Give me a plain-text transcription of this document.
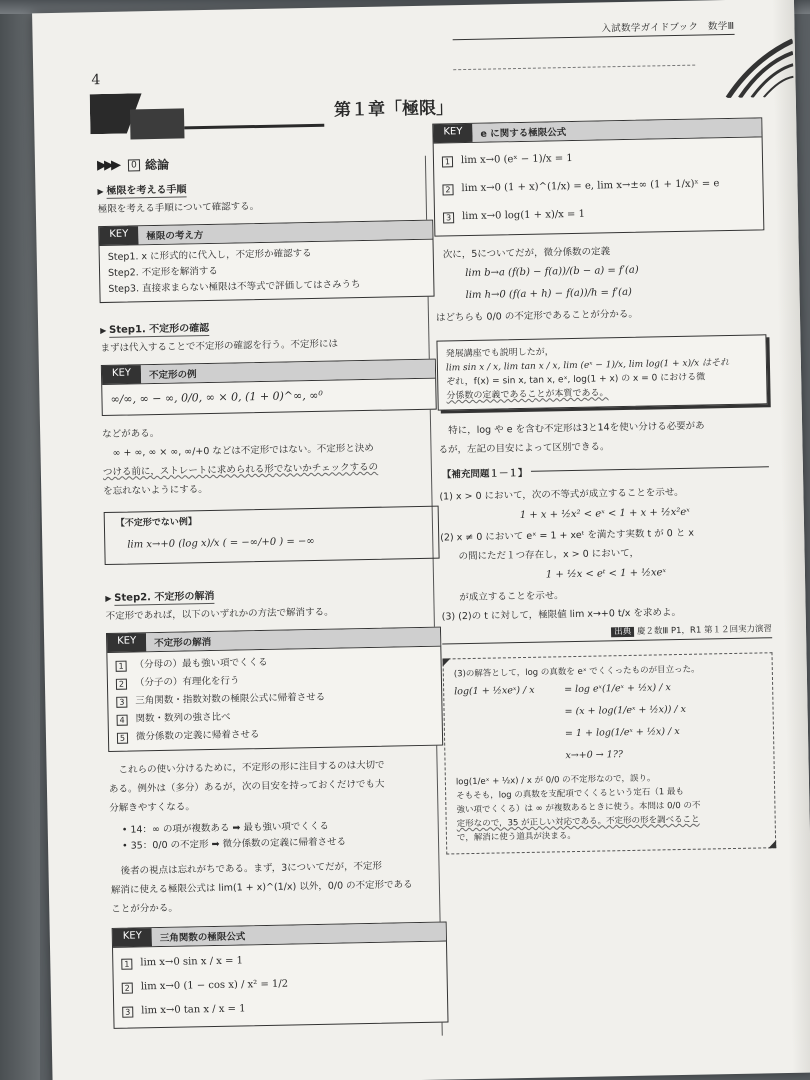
入試数学ガイドブック　数学Ⅲ
4
第１章「極限」
▶▶▶	0 総論
▶ 極限を考える手順
極限を考える手順について確認する。
KEY	極限の考え方
Step1. x に形式的に代入し，不定形か確認する
Step2. 不定形を解消する
Step3. 直接求まらない極限は不等式で評価してはさみうち
▶ Step1. 不定形の確認
まずは代入することで不定形の確認を行う。不定形には
KEY	不定形の例
∞/∞, ∞ − ∞, 0/0, ∞ × 0, (1 + 0)^∞, ∞⁰
などがある。
∞ + ∞, ∞ × ∞, ∞/+0 などは不定形ではない。不定形と決め
つける前に，ストレートに求められる形でないかチェックするの
を忘れないようにする。
【不定形でない例】
lim x→+0 (log x)/x ( = −∞/+0 ) = −∞
▶ Step2. 不定形の解消
不定形であれば，以下のいずれかの方法で解消する。
KEY	不定形の解消
1	（分母の）最も強い項でくくる
2	（分子の）有理化を行う
3	三角関数・指数対数の極限公式に帰着させる
4	関数・数列の強さ比べ
5	微分係数の定義に帰着させる
これらの使い分けるために，不定形の形に注目するのは大切で
ある。例外は（多分）あるが，次の目安を持っておくだけでも大
分解きやすくなる。
• 14：∞ の項が複数ある ➡ 最も強い項でくくる
• 35：0/0 の不定形 ➡ 微分係数の定義に帰着させる
後者の視点は忘れがちである。まず，3についてだが，不定形
解消に使える極限公式は lim(1 + x)^(1/x) 以外，0/0 の不定形である
ことが分かる。
KEY	三角関数の極限公式
1 lim x→0 sin x / x = 1
2 lim x→0 (1 − cos x) / x² = 1/2
3 lim x→0 tan x / x = 1
KEY	e に関する極限公式
1 lim x→0 (eˣ − 1)/x = 1
2 lim x→0 (1 + x)^(1/x) = e, lim x→±∞ (1 + 1/x)ˣ = e
3 lim x→0 log(1 + x)/x = 1
次に，5についてだが，微分係数の定義
lim b→a (f(b) − f(a))/(b − a) = f′(a)
lim h→0 (f(a + h) − f(a))/h = f′(a)
はどちらも 0/0 の不定形であることが分かる。
発展講座でも説明したが，
lim sin x / x, lim tan x / x, lim (eˣ − 1)/x, lim log(1 + x)/x はそれ
ぞれ，f(x) = sin x, tan x, eˣ, log(1 + x) の x = 0 における微
分係数の定義であることが本質である。
特に，log や e を含む不定形は3と14を使い分ける必要があ
るが，左記の目安によって区別できる。
【補充問題１－１】
(1) x > 0 において，次の不等式が成立することを示せ。
1 + x + ½x² < eˣ < 1 + x + ½x²eˣ
(2) x ≠ 0 において eˣ = 1 + xeᵗ を満たす実数 t が 0 と x
の間にただ１つ存在し，x > 0 において，
1 + ½x < eᵗ < 1 + ½xeˣ
が成立することを示せ。
(3) (2)の t に対して，極限値 lim x→+0 t/x を求めよ。
出典 慶２数Ⅲ P1，R1 第１２回実力演習
(3)の解答として，log の真数を eˣ でくくったものが目立った。
log(1 + ½xeˣ) / x	= log eˣ(1/eˣ + ½x) / x
= (x + log(1/eˣ + ½x)) / x
= 1 + log(1/eˣ + ½x) / x
x→+0 → 1??
log(1/eˣ + ½x) / x が 0/0 の不定形なので，誤り。
そもそも，log の真数を支配項でくくるという定石（1 最も
強い項でくくる）は ∞ が複数あるときに使う。本問は 0/0 の不
定形なので，35 が正しい対応である。不定形の形を調べること
で，解消に使う道具が決まる。
